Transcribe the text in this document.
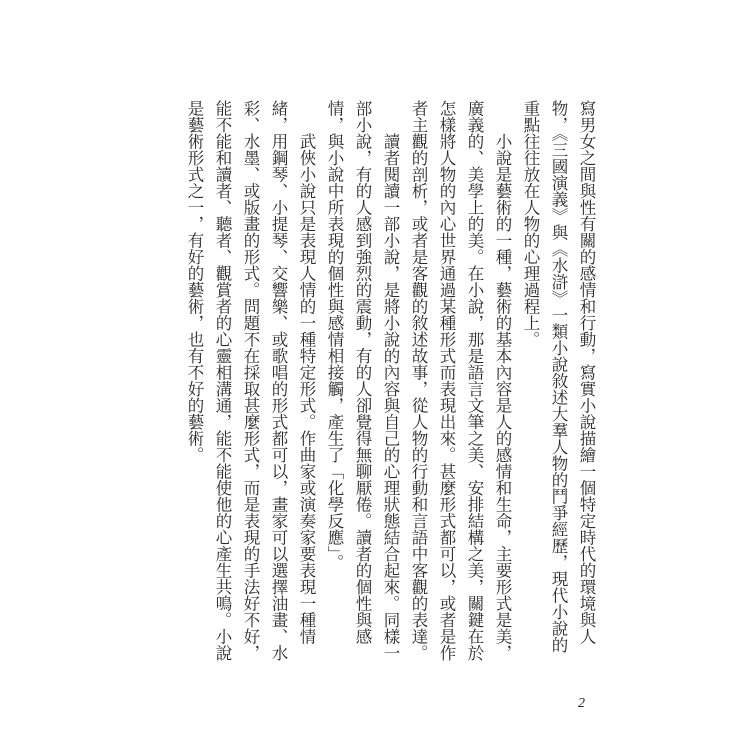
寫男女之間與性有關的感情和行動，寫實小說描繪一個特定時代的環境與人物，《三國演義》與《水滸》一類小說敘述大羣人物的鬥爭經歷，現代小說的重點往往放在人物的心理過程上。

小說是藝術的一種，藝術的基本內容是人的感情和生命，主要形式是美，廣義的、美學上的美。在小說，那是語言文筆之美、安排結構之美，關鍵在於怎樣將人物的內心世界通過某種形式而表現出來。甚麼形式都可以，或者是作者主觀的剖析，或者是客觀的敘述故事，從人物的行動和言語中客觀的表達。

讀者閱讀一部小說，是將小說的內容與自己的心理狀態結合起來。同樣一部小說，有的人感到強烈的震動，有的人卻覺得無聊厭倦。讀者的個性與感情，與小說中所表現的個性與感情相接觸，產生了「化學反應」。

武俠小說只是表現人情的一種特定形式。作曲家或演奏家要表現一種情緒，用鋼琴、小提琴、交響樂、或歌唱的形式都可以，畫家可以選擇油畫、水彩、水墨、或版畫的形式。問題不在採取甚麼形式，而是表現的手法好不好，能不能和讀者、聽者、觀賞者的心靈相溝通，能不能使他的心產生共鳴。小說是藝術形式之一，有好的藝術，也有不好的藝術。

2
